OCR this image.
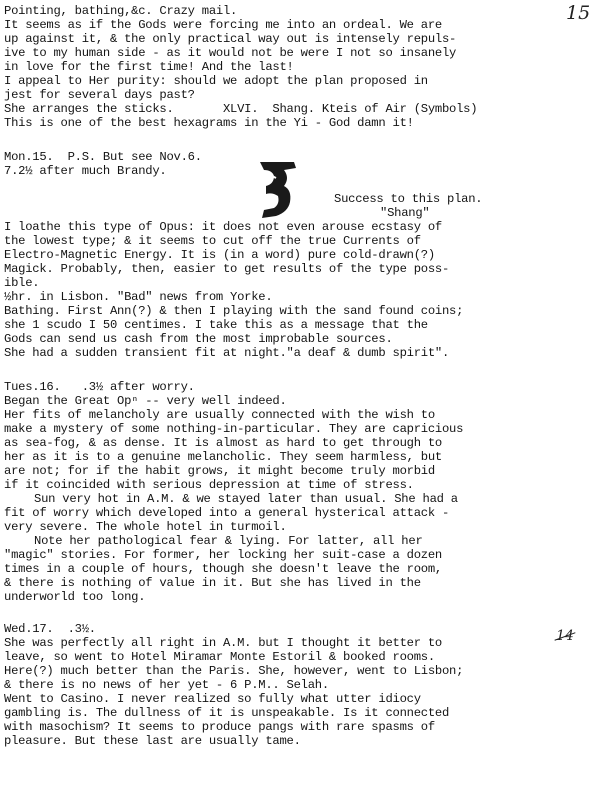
15
Pointing, bathing,&c. Crazy mail.
It seems as if the Gods were forcing me into an ordeal. We are
up against it, & the only practical way out is intensely repuls-
ive to my human side - as it would not be were I not so insanely
in love for the first time! And the last!
I appeal to Her purity: should we adopt the plan proposed in
jest for several days past?
She arranges the sticks.       XLVI.  Shang. Kteis of Air (Symbols)
This is one of the best hexagrams in the Yi - God damn it!
Mon.15.  P.S. But see Nov.6.
7.2½ after much Brandy.
Success to this plan.
"Shang"
I loathe this type of Opus: it does not even arouse ecstasy of
the lowest type; & it seems to cut off the true Currents of
Electro-Magnetic Energy. It is (in a word) pure cold-drawn(?)
Magick. Probably, then, easier to get results of the type poss-
ible.
½hr. in Lisbon. "Bad" news from Yorke.
Bathing. First Ann(?) & then I playing with the sand found coins;
she 1 scudo I 50 centimes. I take this as a message that the
Gods can send us cash from the most improbable sources.
She had a sudden transient fit at night."a deaf & dumb spirit".
Tues.16.   .3½ after worry.
Began the Great Opⁿ -- very well indeed.
Her fits of melancholy are usually connected with the wish to
make a mystery of some nothing-in-particular. They are capricious
as sea-fog, & as dense. It is almost as hard to get through to
her as it is to a genuine melancholic. They seem harmless, but
are not; for if the habit grows, it might become truly morbid
if it coincided with serious depression at time of stress.
Sun very hot in A.M. & we stayed later than usual. She had a
fit of worry which developed into a general hysterical attack -
very severe. The whole hotel in turmoil.
Note her pathological fear & lying. For latter, all her
"magic" stories. For former, her locking her suit-case a dozen
times in a couple of hours, though she doesn't leave the room,
& there is nothing of value in it. But she has lived in the
underworld too long.
Wed.17.  .3½.
She was perfectly all right in A.M. but I thought it better to	14
leave, so went to Hotel Miramar Monte Estoril & booked rooms.
Here(?) much better than the Paris. She, however, went to Lisbon;
& there is no news of her yet - 6 P.M.. Selah.
Went to Casino. I never realized so fully what utter idiocy
gambling is. The dullness of it is unspeakable. Is it connected
with masochism? It seems to produce pangs with rare spasms of
pleasure. But these last are usually tame.
